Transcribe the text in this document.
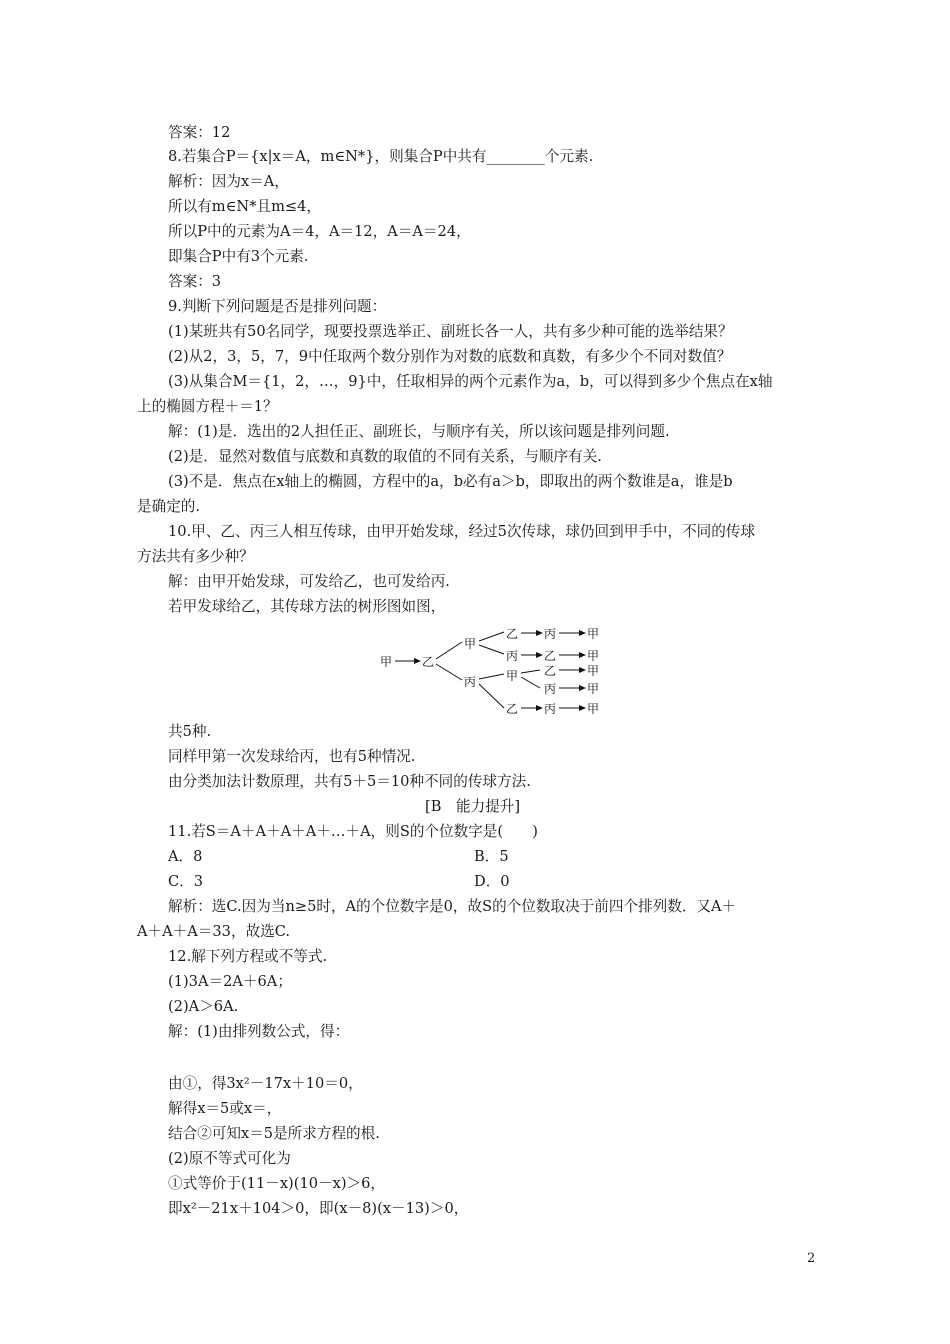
答案：12
8.若集合P＝{x|x＝A，m∈N*}，则集合P中共有________个元素.
解析：因为x＝A，
所以有m∈N*且m≤4，
所以P中的元素为A＝4，A＝12，A＝A＝24，
即集合P中有3个元素.
答案：3
9.判断下列问题是否是排列问题：
(1)某班共有50名同学，现要投票选举正、副班长各一人，共有多少种可能的选举结果？
(2)从2，3，5，7，9中任取两个数分别作为对数的底数和真数，有多少个不同对数值？
(3)从集合M＝{1，2，…，9}中，任取相异的两个元素作为a，b，可以得到多少个焦点在x轴
上的椭圆方程＋＝1？
解：(1)是．选出的2人担任正、副班长，与顺序有关，所以该问题是排列问题.
(2)是．显然对数值与底数和真数的取值的不同有关系，与顺序有关.
(3)不是．焦点在x轴上的椭圆，方程中的a，b必有a＞b，即取出的两个数谁是a，谁是b
是确定的.
10.甲、乙、丙三人相互传球，由甲开始发球，经过5次传球，球仍回到甲手中，不同的传球
方法共有多少种？
解：由甲开始发球，可发给乙，也可发给丙.
若甲发球给乙，其传球方法的树形图如图，
甲 乙
甲
丙
乙 丙	甲
丙 乙	甲
甲 乙	甲
丙	甲
乙 丙	甲
共5种.
同样甲第一次发球给丙，也有5种情况.
由分类加法计数原理，共有5＋5＝10种不同的传球方法.
[B　能力提升]
11.若S＝A＋A＋A＋A＋…＋A，则S的个位数字是(　　)
A．8	B．5
C．3	D．0
解析：选C.因为当n≥5时，A的个位数字是0，故S的个位数取决于前四个排列数．又A＋
A＋A＋A＝33，故选C.
12.解下列方程或不等式.
(1)3A＝2A＋6A；
(2)A＞6A.
解：(1)由排列数公式，得：
由①，得3x²－17x＋10＝0，
解得x＝5或x＝，
结合②可知x＝5是所求方程的根.
(2)原不等式可化为
①式等价于(11－x)(10－x)＞6，
即x²－21x＋104＞0，即(x－8)(x－13)＞0，
2
